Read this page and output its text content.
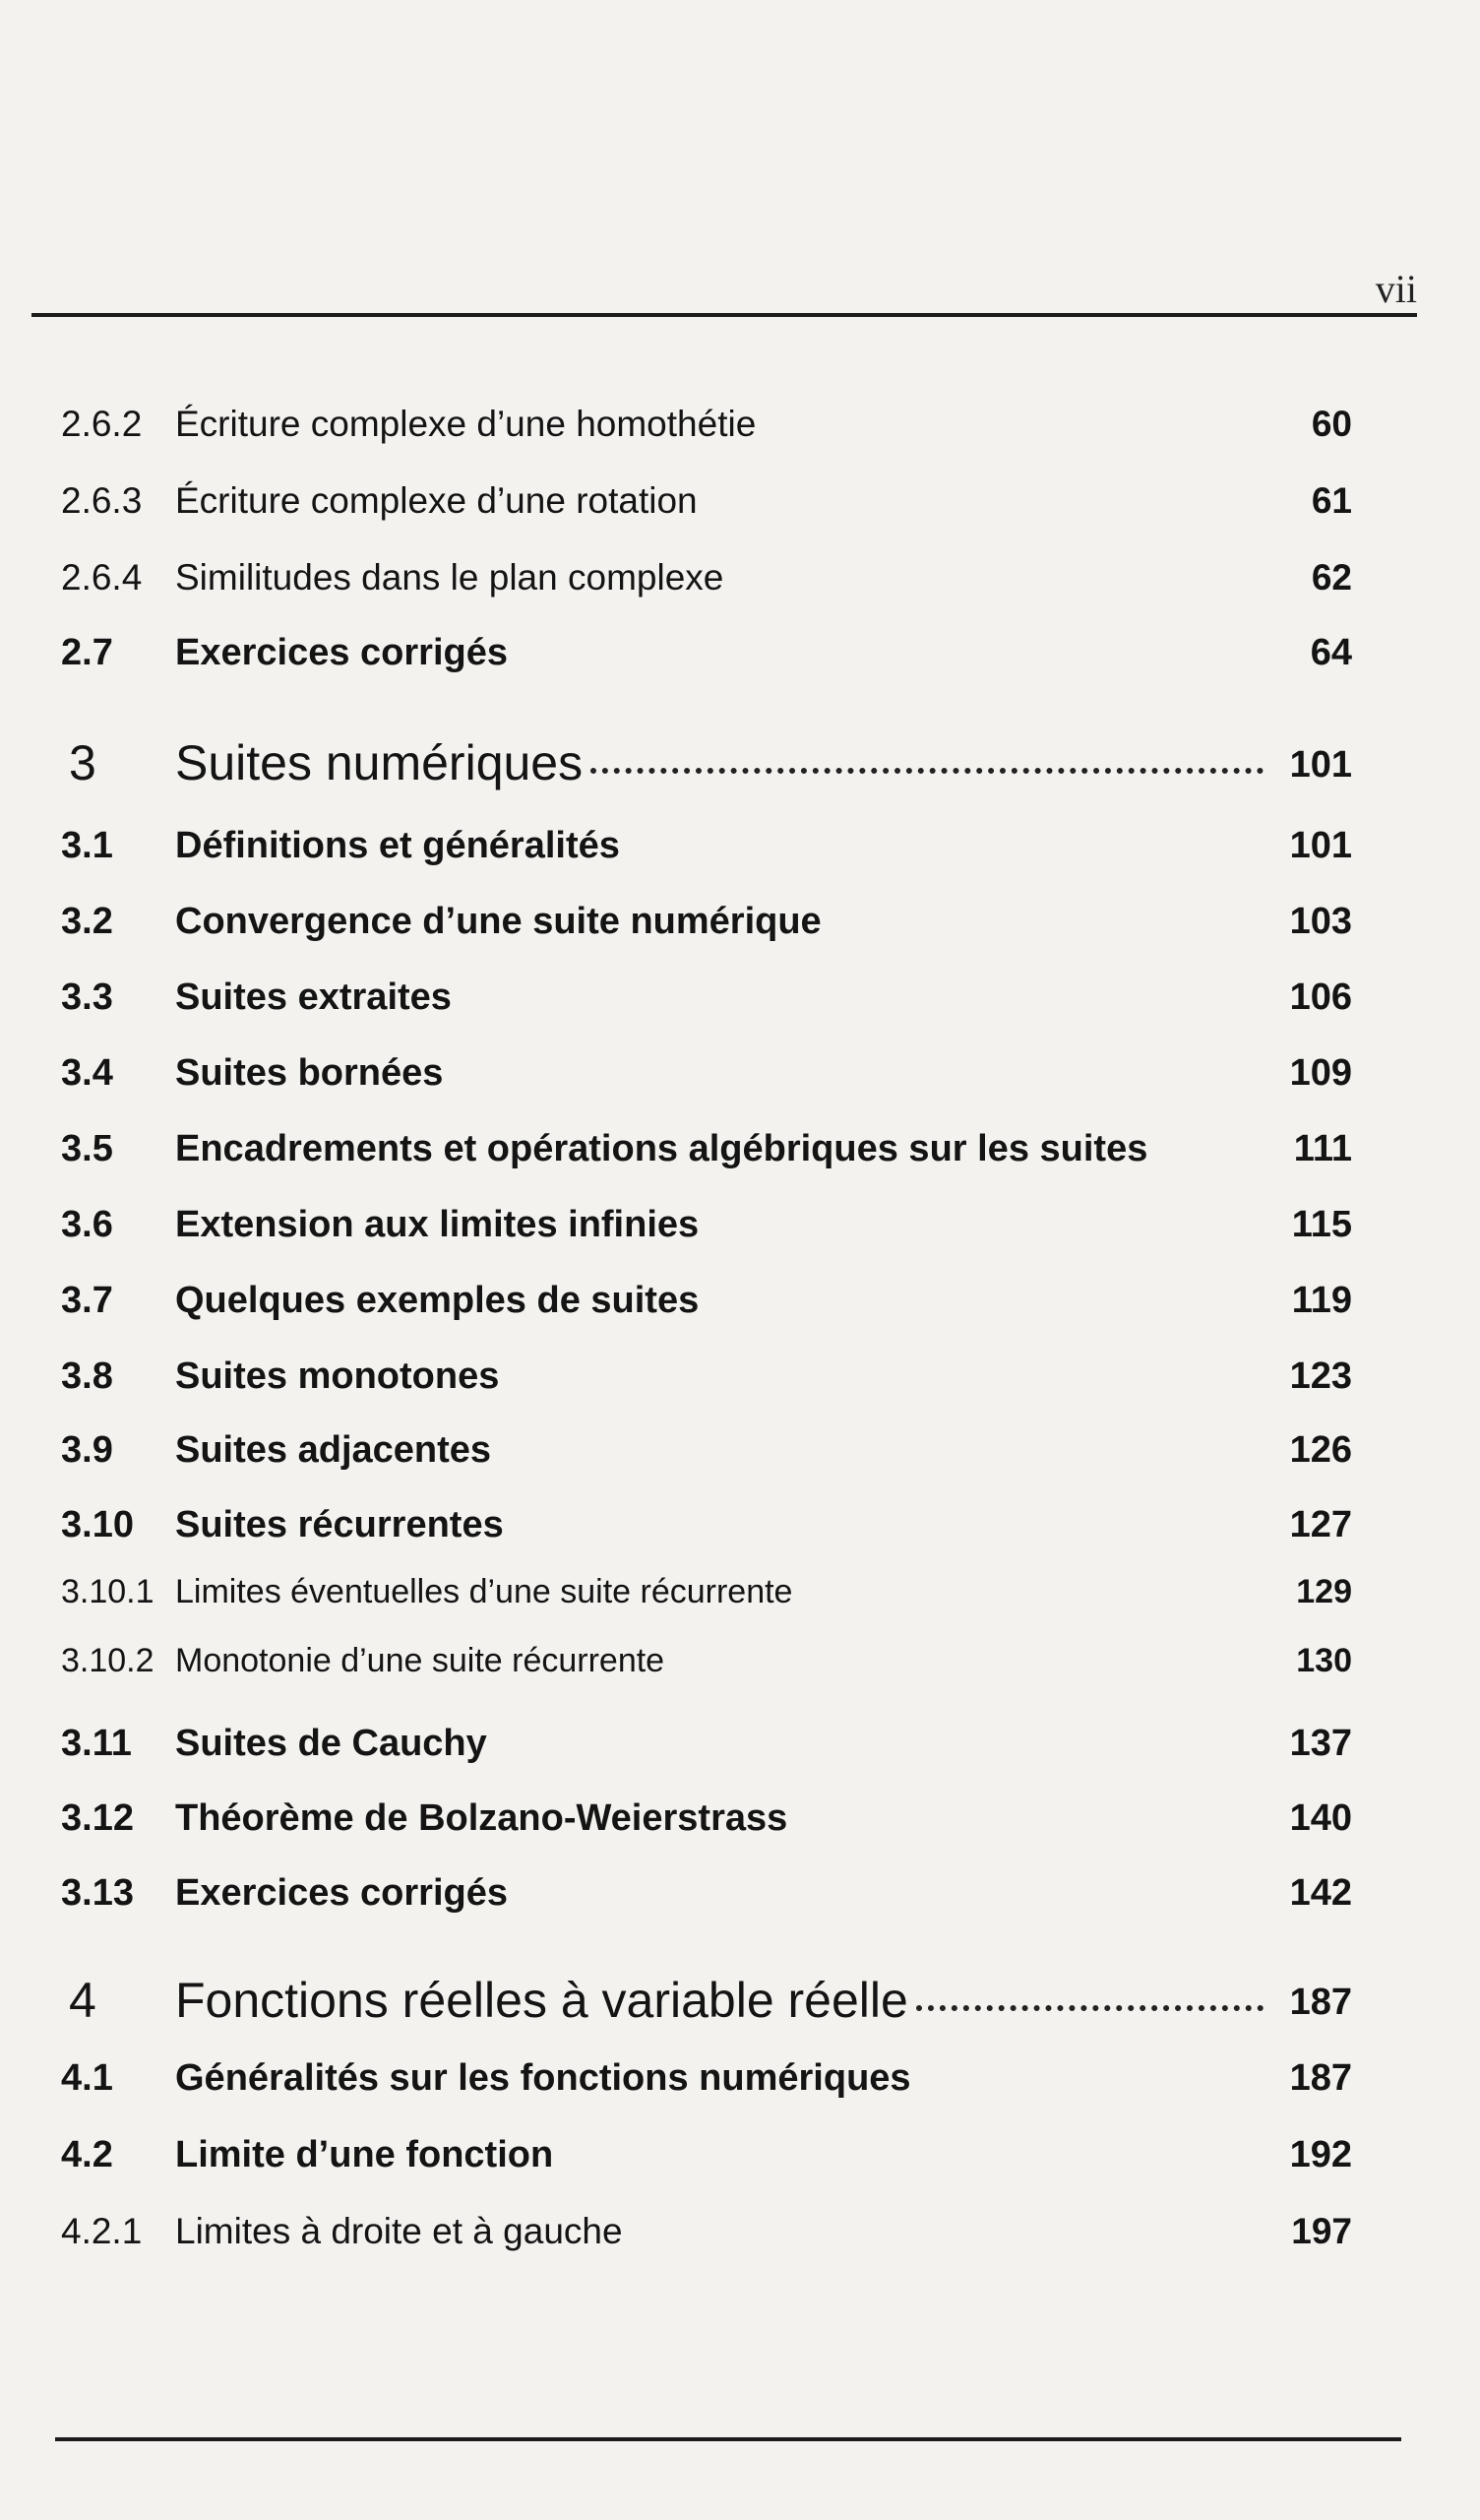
vii
2.6.2 Écriture complexe d’une homothétie	60
2.6.3 Écriture complexe d’une rotation	61
2.6.4 Similitudes dans le plan complexe	62
2.7 Exercices corrigés	64
3 Suites numériques	101
3.1 Définitions et généralités	101
3.2 Convergence d’une suite numérique	103
3.3 Suites extraites	106
3.4 Suites bornées	109
3.5 Encadrements et opérations algébriques sur les suites	111
3.6 Extension aux limites infinies	115
3.7 Quelques exemples de suites	119
3.8 Suites monotones	123
3.9 Suites adjacentes	126
3.10 Suites récurrentes	127
3.10.1 Limites éventuelles d’une suite récurrente	129
3.10.2 Monotonie d’une suite récurrente	130
3.11 Suites de Cauchy	137
3.12 Théorème de Bolzano-Weierstrass	140
3.13 Exercices corrigés	142
4 Fonctions réelles à variable réelle	187
4.1 Généralités sur les fonctions numériques	187
4.2 Limite d’une fonction	192
4.2.1 Limites à droite et à gauche	197
